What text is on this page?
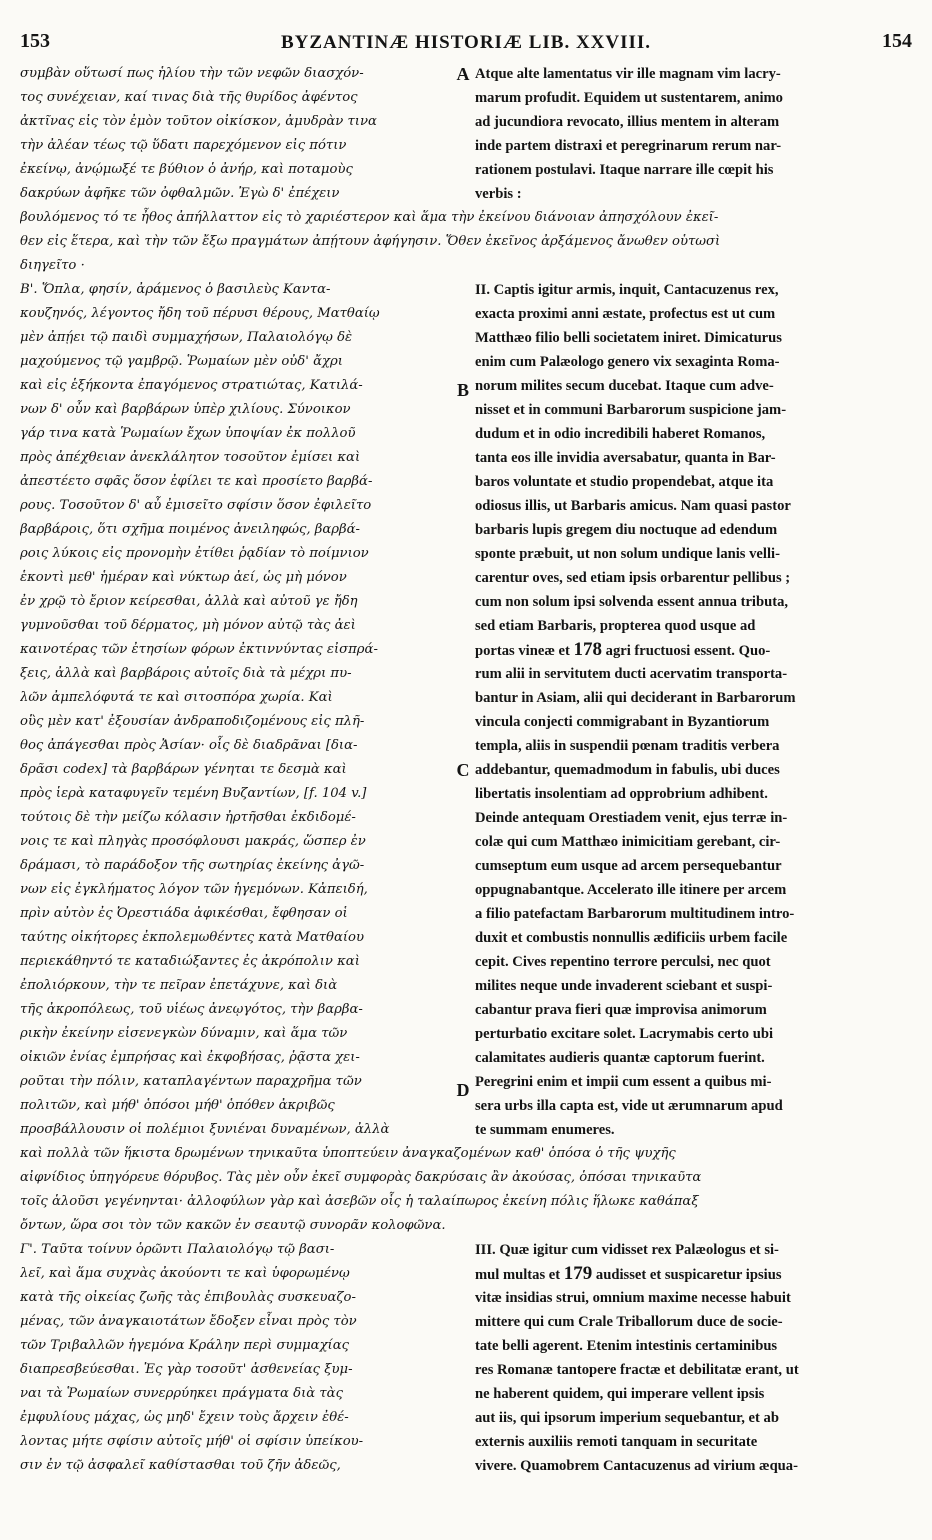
153	BYZANTINÆ HISTORIÆ LIB. XXVIII.	154
συμβὰν οὕτωσί πως ἡλίου τὴν τῶν νεφῶν διασχόν-
τος συνέχειαν, καί τινας διὰ τῆς θυρίδος ἀφέντος
ἀκτῖνας εἰς τὸν ἐμὸν τοῦτον οἰκίσκον, ἀμυδρὰν τινα
τὴν ἀλέαν τέως τῷ ὕδατι παρεχόμενον εἰς πότιν
ἐκείνῳ, ἀνῴμωξέ τε βύθιον ὁ ἀνήρ, καὶ ποταμοὺς
δακρύων ἀφῆκε τῶν ὀφθαλμῶν. Ἐγὼ δ' ἐπέχειν
Atque alte lamentatus vir ille magnam vim lacry-
marum profudit. Equidem ut sustentarem, animo
ad jucundiora revocato, illius mentem in alteram
inde partem distraxi et peregrinarum rerum nar-
rationem postulavi. Itaque narrare ille cœpit his
verbis :
βουλόμενος τό τε ἦθος ἀπήλλαττον εἰς τὸ χαριέστερον καὶ ἅμα τὴν ἐκείνου διάνοιαν ἀπησχόλουν ἐκεῖ-
θεν εἰς ἕτερα, καὶ τὴν τῶν ἔξω πραγμάτων ἀπῄτουν ἀφήγησιν. Ὅθεν ἐκεῖνος ἀρξάμενος ἄνωθεν οὑτωσὶ
διηγεῖτο ·
Β'. Ὅπλα, φησίν, ἀράμενος ὁ βασιλεὺς Καντα-
κουζηνός, λέγοντος ἤδη τοῦ πέρυσι θέρους, Ματθαίῳ
μὲν ἀπῄει τῷ παιδὶ συμμαχήσων, Παλαιολόγῳ δὲ
μαχούμενος τῷ γαμβρῷ. Ῥωμαίων μὲν οὐδ' ἄχρι
καὶ εἰς ἑξήκοντα ἐπαγόμενος στρατιώτας, Κατιλά-
νων δ' οὖν καὶ βαρβάρων ὑπὲρ χιλίους. Σύνοικον
γάρ τινα κατὰ Ῥωμαίων ἔχων ὑποψίαν ἐκ πολλοῦ
πρὸς ἀπέχθειαν ἀνεκλάλητον τοσοῦτον ἐμίσει καὶ
ἀπεστέετο σφᾶς ὅσον ἐφίλει τε καὶ προσίετο βαρβά-
ρους. Τοσοῦτον δ' αὖ ἐμισεῖτο σφίσιν ὅσον ἐφιλεῖτο
βαρβάροις, ὅτι σχῆμα ποιμένος ἀνειληφώς, βαρβά-
ροις λύκοις εἰς προνομὴν ἐτίθει ῥᾳδίαν τὸ ποίμνιον
ἑκοντὶ μεθ' ἡμέραν καὶ νύκτωρ ἀεί, ὡς μὴ μόνον
ἐν χρῷ τὸ ἔριον κείρεσθαι, ἀλλὰ καὶ αὐτοῦ γε ἤδη
γυμνοῦσθαι τοῦ δέρματος, μὴ μόνον αὐτῷ τὰς ἀεὶ
καινοτέρας τῶν ἐτησίων φόρων ἐκτιννύντας εἰσπρά-
ξεις, ἀλλὰ καὶ βαρβάροις αὐτοῖς διὰ τὰ μέχρι πυ-
λῶν ἀμπελόφυτά τε καὶ σιτοσπόρα χωρία. Καὶ
οὓς μὲν κατ' ἐξουσίαν ἀνδραποδιζομένους εἰς πλῆ-
θος ἀπάγεσθαι πρὸς Ἀσίαν· οἷς δὲ διαδρᾶναι [δια-
δρᾶσι codex] τὰ βαρβάρων γένηται τε δεσμὰ καὶ
πρὸς ἱερὰ καταφυγεῖν τεμένη Βυζαντίων, [f. 104 v.]
τούτοις δὲ τὴν μείζω κόλασιν ἠρτῆσθαι ἐκδιδομέ-
νοις τε καὶ πληγὰς προσόφλουσι μακράς, ὥσπερ ἐν
δράμασι, τὸ παράδοξον τῆς σωτηρίας ἐκείνης ἀγῶ-
νων εἰς ἐγκλήματος λόγον τῶν ἡγεμόνων. Κἀπειδή,
πρὶν αὐτὸν ἐς Ὀρεστιάδα ἀφικέσθαι, ἔφθησαν οἱ
ταύτης οἰκήτορες ἐκπολεμωθέντες κατὰ Ματθαίου
περιεκάθηντό τε καταδιώξαντες ἐς ἀκρόπολιν καὶ
ἐπολιόρκουν, τὴν τε πεῖραν ἐπετάχυνε, καὶ διὰ
τῆς ἀκροπόλεως, τοῦ υἱέως ἀνεῳγότος, τὴν βαρβα-
ρικὴν ἐκείνην εἰσενεγκὼν δύναμιν, καὶ ἅμα τῶν
οἰκιῶν ἐνίας ἐμπρήσας καὶ ἐκφοβήσας, ῥᾷστα χει-
ροῦται τὴν πόλιν, καταπλαγέντων παραχρῆμα τῶν
πολιτῶν, καὶ μήθ' ὁπόσοι μήθ' ὁπόθεν ἀκριβῶς
προσβάλλουσιν οἱ πολέμιοι ξυνιέναι δυναμένων, ἀλλὰ
II. Captis igitur armis, inquit, Cantacuzenus rex,
exacta proximi anni æstate, profectus est ut cum
Matthæo filio belli societatem iniret. Dimicaturus
enim cum Palæologo genero vix sexaginta Roma-
norum milites secum ducebat. Itaque cum adve-
nisset et in communi Barbarorum suspicione jam-
dudum et in odio incredibili haberet Romanos,
tanta eos ille invidia aversabatur, quanta in Bar-
baros voluntate et studio propendebat, atque ita
odiosus illis, ut Barbaris amicus. Nam quasi pastor
barbaris lupis gregem diu noctuque ad edendum
sponte præbuit, ut non solum undique lanis velli-
carentur oves, sed etiam ipsis orbarentur pellibus ;
cum non solum ipsi solvenda essent annua tributa,
sed etiam Barbaris, propterea quod usque ad
portas vineæ et 178 agri fructuosi essent. Quo-
rum alii in servitutem ducti acervatim transporta-
bantur in Asiam, alii qui deciderant in Barbarorum
vincula conjecti commigrabant in Byzantiorum
templa, aliis in suspendii pœnam traditis verbera
addebantur, quemadmodum in fabulis, ubi duces
libertatis insolentiam ad opprobrium adhibent.
Deinde antequam Orestiadem venit, ejus terræ in-
colæ qui cum Matthæo inimicitiam gerebant, cir-
cumseptum eum usque ad arcem persequebantur
oppugnabantque. Accelerato ille itinere per arcem
a filio patefactam Barbarorum multitudinem intro-
duxit et combustis nonnullis ædificiis urbem facile
cepit. Cives repentino terrore perculsi, nec quot
milites neque unde invaderent sciebant et suspi-
cabantur prava fieri quæ improvisa animorum
perturbatio excitare solet. Lacrymabis certo ubi
calamitates audieris quantæ captorum fuerint.
Peregrini enim et impii cum essent a quibus mi-
sera urbs illa capta est, vide ut ærumnarum apud
te summam enumeres.
καὶ πολλὰ τῶν ἥκιστα δρωμένων τηνικαῦτα ὑποπτεύειν ἀναγκαζομένων καθ' ὁπόσα ὁ τῆς ψυχῆς
αἰφνίδιος ὑπηγόρευε θόρυβος. Τὰς μὲν οὖν ἐκεῖ συμφορὰς δακρύσαις ἂν ἀκούσας, ὁπόσαι τηνικαῦτα
τοῖς ἁλοῦσι γεγένηνται· ἀλλοφύλων γὰρ καὶ ἀσεβῶν οἷς ἡ ταλαίπωρος ἐκείνη πόλις ἥλωκε καθάπαξ
ὄντων, ὥρα σοι τὸν τῶν κακῶν ἐν σεαυτῷ συνορᾶν κολοφῶνα.
Γ'. Ταῦτα τοίνυν ὁρῶντι Παλαιολόγῳ τῷ βασι-
λεῖ, καὶ ἅμα συχνὰς ἀκούοντι τε καὶ ὑφορωμένῳ
κατὰ τῆς οἰκείας ζωῆς τὰς ἐπιβουλὰς συσκευαζο-
μένας, τῶν ἀναγκαιοτάτων ἔδοξεν εἶναι πρὸς τὸν
τῶν Τριβαλλῶν ἡγεμόνα Κράλην περὶ συμμαχίας
διαπρεσβεύεσθαι. Ἐς γὰρ τοσοῦτ' ἀσθενείας ξυμ-
ναι τὰ Ῥωμαίων συνερρύηκει πράγματα διὰ τὰς
ἐμφυλίους μάχας, ὡς μηδ' ἔχειν τοὺς ἄρχειν ἐθέ-
λοντας μήτε σφίσιν αὐτοῖς μήθ' οἱ σφίσιν ὑπείκου-
σιν ἐν τῷ ἀσφαλεῖ καθίστασθαι τοῦ ζῆν ἀδεῶς,
III. Quæ igitur cum vidisset rex Palæologus et si-
mul multas et 179 audisset et suspicaretur ipsius
vitæ insidias strui, omnium maxime necesse habuit
mittere qui cum Crale Triballorum duce de socie-
tate belli agerent. Etenim intestinis certaminibus
res Romanæ tantopere fractæ et debilitatæ erant, ut
ne haberent quidem, qui imperare vellent ipsis
aut iis, qui ipsorum imperium sequebantur, et ab
externis auxiliis remoti tanquam in securitate
vivere. Quamobrem Cantacuzenus ad virium æqua-
A
B
C
D
